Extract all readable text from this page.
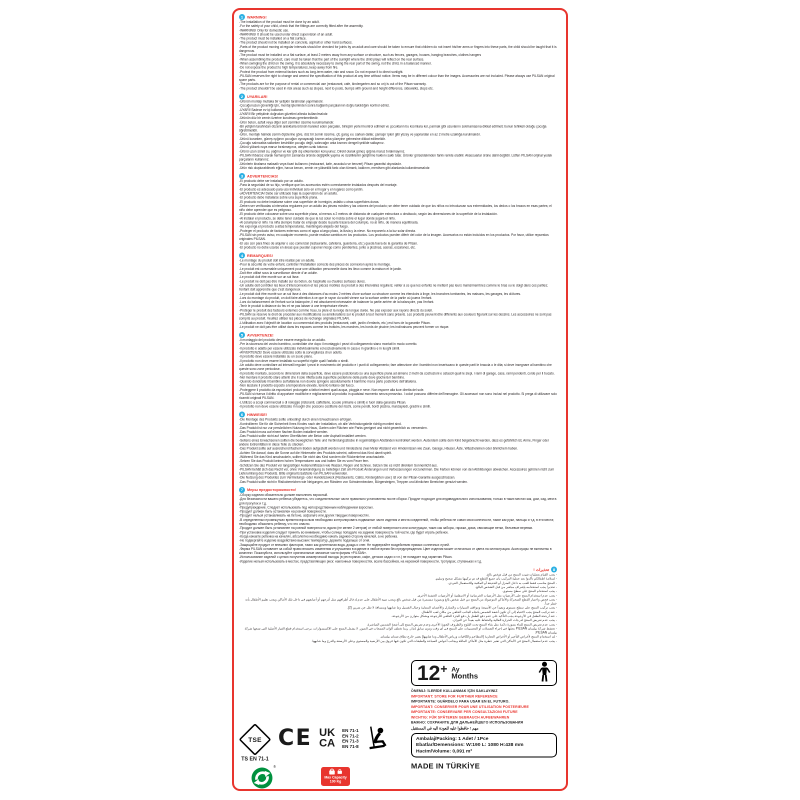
1 WARNING!
-The installation of the product must be done by an adult.
-For the safety of your child, check that the fittings are correctly fitted after the assembly.
-WARNING! Only for domestic use.
-WARNING! It should be used under direct supervision of an adult.
-The product must be installed on a flat surface.
-The product should not be installed on concrete, asphalt or other hard surfaces.
-Parts of the product moving at regular intervals should be checked for joints by an adult and care should be taken to ensure that children do not insert his/her arms or fingers into these parts, the child should be taught that it is dangerous.
-The product must be installed on a flat surface, at least 2 meters away from any surface or structure, such as fences, garages, houses, hanging branches, clothes hangers
-When assembling the product, care must be taken that the part of the sunlight where the child plays will reflect on the rear surface.
-When swinging the child on the swing, it is absolutely necessary to swing the rear part of the swing, not the child, in a balanced manner.
-Do not expose the product to high temperatures, keep away from fire.
-Protect the product from external factors such as long-term water, rain and snow. Do not expose it to direct sunlight.
-PILSAN reserves the right to change and amend the specification of this product at any time without notice. Items may be in different colour than the images. Accessories are not included. Please always use PILSAN original spare parts.
-The products are for the purpose of rental or commercial use (restaurant, cafe, kindergarten and so on) is out of the Pilsan warranty.
-The product shouldn't be used in risk areas such as slopes, next to pools, bumps with ground and height difference, sidewalks, steps etc.
2 UYARILAR!
-Ürünün montajı mutlaka bir yetişkin tarafından yapılmalıdır.
-Çocuğunuzun güvenliği için, montaj işleminden sonra bağlantı parçalarının doğru takıldığını kontrol ediniz.
-UYARI! Sadece ev içi kullanım.
-UYARI! Bir yetişkinin doğrudan gözetimi altında kullanılmalıdır.
-Ürünün düz bir zemin üzerine kurulması gerekmektedir.
-Ürün beton, asfalt veya diğer sert zeminler üzerine kurulmamalıdır.
-Bir yetişkin tarafından düzenli aralıklarla ürünün hareket eden parçaları, birleşim yerleri kontrol edilmeli ve çocukların bu kısımlara kol, parmak gibi uzuvlarını sokmamasına dikkat edilmeli; bunun tehlikeli olduğu çocuğa öğretilmelidir.
-Ürün, montajlı halinde zemin ölçülerine göre, düz bir zemin üzerine, çit, garaj, ev, sarkan dallar, çamaşır ipleri gibi yüzey ve yapılardan en az 2 metre uzaklığa kurulmalıdır.
-Ürünü kurarken, güneş ışığının çocuğun oynayacağı kısmın arka yüzeyine gelmesine dikkat edilmelidir.
-Çocuğu salıncakta sallarken kesinlikle çocuğu değil, salıncağın arka kısmını dengeli şekilde sallayınız.
-Ürünü yüksek ısıya maruz bırakmayınız, ateşten uzak tutunuz.
-Ürünü uzun süreli su, yağmur ve kar gibi dış etkenlerden koruyunuz. Direkt olarak güneş ışığına maruz bırakmayınız.
-PILSAN ihbarsız olarak herhangi bir zamanda üründe değişiklik yapma ve özelliklerini geliştirme hakkını saklı tutar. Ürünler görseldekinden farklı renkte olabilir. Aksesuarlar ürüne dahil değildir. Lütfen PILSAN orijinal yedek parçalarını kullanınız.
-Ürünlerin kiralama maksatlı veya ticari kullanımı (restaurant, kafe, anaokulu ve benzeri) Pilsan garantisi dışındadır.
-Ürün risk oluşturabilecek eğim, havuz kenarı, zemin ve yükseklik farkı olan tümsek, kaldırım, merdiven gibi alanlarda kullanılmamalıdır.
3 ADVERTENCIAS!
-El producto debe ser instalado por un adulto.
-Para la seguridad de su hijo, verifique que los accesorios estén correctamente instalados después del montaje.
-El producto es adecuado para uso individual solo en el hogar y en lugares como jardín.
-¡ADVERTENCIA! Debe ser utilizado bajo la supervisión de un adulto.
-El producto debe instalarse sobre una superficie plana.
-El producto no debe instalarse sobre una superficie de hormigón, asfalto u otras superficies duras.
-Deben ser verificadas a intervalos regulares por un adulto las piezas móviles y las uniones del producto; se debe tener cuidado de que los niños no introduzcan sus extremidades, los dedos o los brazos en esas partes; el niño debe aprender que es peligroso.
-El producto debe colocarse sobre una superficie plana, al menos a 2 metros de distancia de cualquier estructura u obstáculo, según las dimensiones de la superficie de la instalación.
-Al instalar el producto, se debe tener cuidado de que la luz solar no incida sobre el lugar donde jugará el niño.
-Al columpiar el niño / la niña siempre tratar de empujar desde la parte trasera del columpio, no al niño, de manera equilibrada.
-No exponga el producto a altas temperaturas, manténgalo alejado del fuego.
-Proteger el producto de factores externos como el agua a largo plazo, la lluvia y la nieve. No exponerlo a la luz solar directa.
-PILSAN sin previo aviso, en cualquier momento, puede realizar cambios en los productos. Los productos pueden diferir del color de la imagen. Accesorios no están incluidos en los productos. Por favor, utilice repuestos originales PILSAN.
-El uso con para fines de alquiler o uso comercial (restaurante, cafetería, guardería, etc.) queda fuera de la garantía de Pilsan.
-El producto no debe usarse en áreas que puedan suponer riesgo como pendientes, junto a piscinas, aceras, escalones, etc.
4 REMARQUES!
-Le montage du produit doit être réalisé par un adulte.
-Pour la sécurité de votre enfant, contrôler l'installation correcte des pièces de connexion après le montage.
-Le produit est convenable uniquement pour une utilisation personnelle dans les lieux comme la maison et le jardin.
-Doit être utilisé sous la surveillance directe d'un adulte.
-Le produit doit être monté sur un sol lisse.
-Le produit ne doit pas être installé sur du béton, de l'asphalte ou d'autres surfaces dures.
-Un adulte doit contrôler les lieux d'interconnexion et les pièces mobiles du produit à des intervalles réguliers; veiller à ce que les enfants ne mettent pas leurs mains/membres comme le bras ou le doigt dans ces parties; l'enfant doit apprendre que c'est dangereux.
-Le produit doit être monté sur un sol lisse à des distances d'au moins 2 mètres d'une surface ou structure comme les étendoirs à linge, les branches tombantes, les maisons, les garages, les clôtures.
-Lors du montage du produit, on doit faire attention à ce que le rayon du soleil vienne sur la surface arrière de la partie où jouera l'enfant.
-Lors du balancement de l'enfant sur la balançoire, il est absolument nécessaire de balancer la partie arrière de la balançoire, pas l'enfant.
-Tenir le produit à distance du feu et ne pas laisser à une température élevée.
-Protéger le produit des facteurs externes comme l'eau, la pluie et la neige de longue durée. Ne pas exposer aux rayons directs du soleil.
-PILSAN se réserve le droit de procéder aux modifications ou améliorations sur le produit à tout moment sans préavis. Les produits peuvent être différents aux couleurs figurant sur les dessins. Les accessoires ne sont pas compris au produit. Veuillez utiliser les pièces de rechange originales PILSAN.
-L'utilisation avec l'objectif de location ou commercial des produits (restaurant, café, jardin d'enfants, etc.) est hors de la garantie Pilsan.
-Le produit ne doit pas être utilisé dans les espaces comme les trottoirs, les marches, les bords de piscine; les inclinaisons peuvent former un risque.
5 AVVERTENZE!
-Il montaggio del prodotto deve essere eseguito da un adulto.
-Per la sicurezza del vostro bambino, controllate che dopo il montaggio i pezzi di collegamento siano montati in modo corretto.
-Il prodotto è adatto per essere utilizzato individualmente ed esclusivamente in casa e in giardino e in luoghi simili.
-AVVERTENZE! Deve essere utilizzato sotto la sorveglianza di un adulto.
-Il prodotto deve essere installato su un suolo piano.
-Il prodotto non deve essere installato su superfici rigide quali l'asfalto o simili.
-Un adulto deve controllare ad intervalli regolari i pezzi in movimento del prodotto e i punti di collegamento; fare attenzione che i bambini non inseriscano in queste parti le braccia o le dita; si deve insegnare al bambino che queste sono zone pericolose.
-Il prodotto montato, secondo le dimensioni della superficie, deve essere posizionato su una superficie piana ad almeno 2 metri da costruzioni e ostacoli quali le siepi, i rami di garage, case, rami pendenti, corde per il bucato.
-Nel montare il prodotto stare attenti che il sole rifletta sulla superficie posteriore della parte dove giocherà il bambino.
-Quando dondolate il bambino sull'altalena non dovete spingere assolutamente il bambino ma la parte posteriore dell'altalena.
-Non lasciare il prodotto esposto a temperature elevate, tenerlo lontano dal fuoco.
-Proteggere il prodotto da esposizioni prolungate a fattori esterni quali acqua, pioggia e neve. Non esporre alla luce diretta del sole.
-PILSAN si riserva il diritto di apportare modifiche e miglioramenti al prodotto in qualsiasi momento senza preavviso. I colori possono differire dell'immagine. Gli accessori non sono inclusi nel prodotto. Si prega di utilizzare solo ricambi originali PILSAN.
-L'utilizzo a scopi commerciali o di noleggio (ristoranti, caffetterie, scuole primarie e simili) è fuori dalla garanzia Pilsan.
-Il prodotto non deve essere utilizzato in luoghi che possono costituire dei rischi, come pendii, bordi piscina, marciapiedi, gradini e simili.
6 HINWEISE!
-Die Montage des Produkts sollte unbedingt durch einen Erwachsenen erfolgen.
-Kontrollieren Sie für die Sicherheit Ihres Kindes nach der Installation, ob alle Verbindungsteile richtig montiert sind.
-Das Produkt ist nur zur persönlichen Nutzung im Haus, Garten oder Flächen wie Parks geeignet und nicht gewerblich zu verwenden.
-Das Produkt muss auf einem flachen Boden installiert werden.
-Das Produkt sollte nicht auf harten Oberflächen wie Beton oder Asphalt installiert werden.
-Seitens eines Erwachsenen sollten die beweglichen Teile und Verbindungsstücke in regelmäßigen Abständen kontrolliert werden. Außerdem sollte dem Kind beigebracht werden, dass es gefährlich ist, Arme, Finger oder andere Extremitäten in diese Teile zu stecken.
-Das Produkt sollte auf ausreichend flachem Boden aufgestellt werden und mindestens zwei Meter Abstand von Hindernissen wie Zaun, Garage, Häuser, Äste, Wäscheleinen oder ähnlichem haben.
-Achten Sie darauf, dass die Sonne auf die Hinterseite des Produkts scheint, während das Kind damit spielt.
-Während Sie das Kind anschaukeln, sollten Sie nicht das Kind sondern die Rückenlehne anschaukeln.
-Setzen Sie das Produkt keinen hohen Temperaturen aus und halten Sie es vom Feuer fern.
-Schützen Sie das Produkt vor langzeitigen Außeneinflüssen wie Wasser, Regen und Schnee. Setzen Sie es nicht direktem Sonnenlicht aus.
-PILSAN behält sich das Recht vor, ohne Vorankündigung zu beliebiger Zeit am Produkt Änderungen und Verbesserungen vorzunehmen. Die Farben können von den Abbildungen abweichen. Accessoires gehören nicht zum Lieferumfang des Produkts. Bitte original Ersatzteile von PILSAN verwenden.
-Die Nutzung des Produktes zum Vermietungs- oder Handelszweck (Restaurants, Cafés, Kindergärten usw.) ist von der Pilsan-Garantie ausgeschlossen.
-Das Produkt sollte nicht in Risikobereichen wie Neigungen, am Rändern von Schwimmbecken, Bürgersteigen, Treppen und ähnlichen Bereichen genutzt werden.
7 Меры предосторожности!
-Сборку изделия обязательно должен выполнять взрослый.
-Для безопасности вашего ребенка убедитесь, что соединительные части правильно установлены после сборки. Продукт подходит для индивидуального использования, только в таких местах как, дом, сад, места для прогулок и т.д.
-Предупреждение. Следует использовать под непосредственным наблюдением взрослых.
-Продукт должен быть установлен на ровной поверхности.
-Продукт нельзя устанавливать на бетоне, асфальте или других твердых поверхностях.
-В определенных промежутках времени взрослым необходимо контролировать подвижные части изделия и места соединений, чтобы ребенок не совал свои конечности, такие как руки, пальцы и т.д. в эти места; необходимо объяснить ребенку, что это опасно.
-Продукт должен быть установлен на ровной поверхности, вдали (не менее 2 метров) от любой поверхности или конструкции, таких как заборы, гаражи, дома, свисающие ветки, бельевые веревки.
-При установке изделия следует принять во внимание, чтобы солнце попадало на заднюю поверхность той части, где будет играть ребенок.
-Когда качаете ребенка на качелях, абсолютно необходимо качать заднюю сторону качелей, а не ребенка.
-Не подвергайте изделие воздействию высоких температур, держите подальше от огня.
-Защищайте продукт от внешних факторов, таких как длительная вода, дождь и снег. Не подвергайте воздействию прямых солнечных лучей.
-Фирма PILSAN оставляет за собой право вносить изменения и улучшения в изделие в любое время без предупреждения. Цвет изделия может отличаться от цвета на иллюстрации. Аксессуары не включены в комплект. Пожалуйста, используйте оригинальные запасные части фирмы «PILSAN».
-Использование изделий с целью получения коммерческой выгоды (в ресторанах, кафе, детских садах и т.п.) не попадает под гарантию Pilsan.
-Изделие нельзя использовать в местах, представляющих риск: наклонных поверхностях, возле бассейнов, на неровной поверхности, тротуарах, ступеньках и т.д.
8
تحذيرات !
- يجب القيام بعمليات تثبيت المنتج من قبل شخص بالغ.
- لسلامة اطفالكم تأكدوا بعد عملية التركيب بأن جميع القطع قد تم تركيبها بشكل صحيح وسليم.
- المنتج مناسب فقط للعب به داخل المنزل أو الحديقة أو المكتبة وللاستعمال الفردي.
- تحذير! يجب استخدامه بإشراف مباشر من قبل الشخص البالغ.
- يجب استخدام المنتج على سطح مستوي.
- يجب عدم استخدام المنتج على الأرضيات مثل الأرضيات الخرسانية أو الاسفلتية أو الأرضيات الخشنة الأخرى.
- يجب فحص واختبار القطع المتحركة والأماكن الموصولة من المنتج من قبل شخص بالغ وبصورة مستمرة من قبل شخص بالغ ويجب تنبيه الأطفال على عدم إدخال أطرافهم مثل أذرعهم أو أصابعهم في داخل تلك الأماكن ويجب تعليم الأطفال بأنه خطر جداً.
- يجب تركيب المنتج على سطح مستوي وبعيداً عن الأسيجة ومواقف السيارات والمنازل والأغصان المتدلية وحبال الغسيل وما شابهها وبمسافة لا تقل عن مترين (2).
- عند تركيب المنتج يجب الانتباه إلى أن تكون أشعة الشمس باتجاه الجانب الخلفي من مكان لعب الأطفال.
- عند أرجحة الطفل في الأرجوحة يجب التأكيد على عدم دفع الطفل بل دفع الجزء الخلفي للأرجوحة وبشكل متوازن من الأرجوحة.
- يجب عدم تعريض المنتج لدرجات الحرارة العالية والحفاظ عليه بعيداً عن النيران.
- يجب عدم تعريض المنتج للماء بصورة دائمة مثل بقاء المنتج تحت الثلوج والظروف الجوية الأخرى وعدم تعريض المنتج إلى أشعة الشمس المباشرة.
- تحتفظ شركة بيلسان PILSAN بحقها في إجراء التعديلات أو التحسينات على المنتج في أي وقت ودون سابق إنذار. ربما تختلف ألوان المنتجات في الصور. لا يشمل المنتج على الإكسسوارات. يرجى استخدام قطع الغيار الأصلية التي تنتجها شركة بيلسان PILSAN.
- إن استخدام المنتج لأغراض التأجير أو الأغراض التجارية (المطاعم والكافيات ورياض الأطفال وما شابهها) يعتبر خارج نطاق ضمان بيلسان.
- يجب عدم استعمال المنتج في الأماكن التي تعتبر خطرة مثل الأماكن المائلة وبجانب أحواض السباحة والطبقات التي تكون فيها فروق بين الأرضية والمستوى وعلى الأرصفة والدرج وما شابهها.
TSE
TS EN 71-1
CE UK
CA
EN 71-1
EN 71-2
EN 71-3
EN 71-8
®
Max Capacity
100 Kg
12+ Ay
Months
ÖNEMLİ: İLERİDE KULLANMAK İÇİN SAKLAYINIZ
IMPORTANT: STORE FOR FURTHER REFERENCE
IMPORTANTE: GUÁRDELO PARA USAR EN EL FUTURO.
IMPORTANT: CONSERVER POUR UNE UTILISATION POSTERIEURE
IMPORTANTE: CONSERVARE PER CONSULTAZIONI FUTURE
WICHTIG: FÜR SPÄTEREN GEBRAUCH AUFBEWAHREN
ВАЖНО: СОХРАНИТЕ ДЛЯ ДАЛЬНЕЙШЕГО ИСПОЛЬЗОВАНИЯ
مهم ! حافظوا عليه للعودة اليه في المستقبل
Ambalaj/Packing: 1 Adet / 1Pce
Ebatlar/Demensions: W:190 L: 1080 H:438 mm
Hacim/Volume: 0,091 m³
MADE IN TÜRKİYE
